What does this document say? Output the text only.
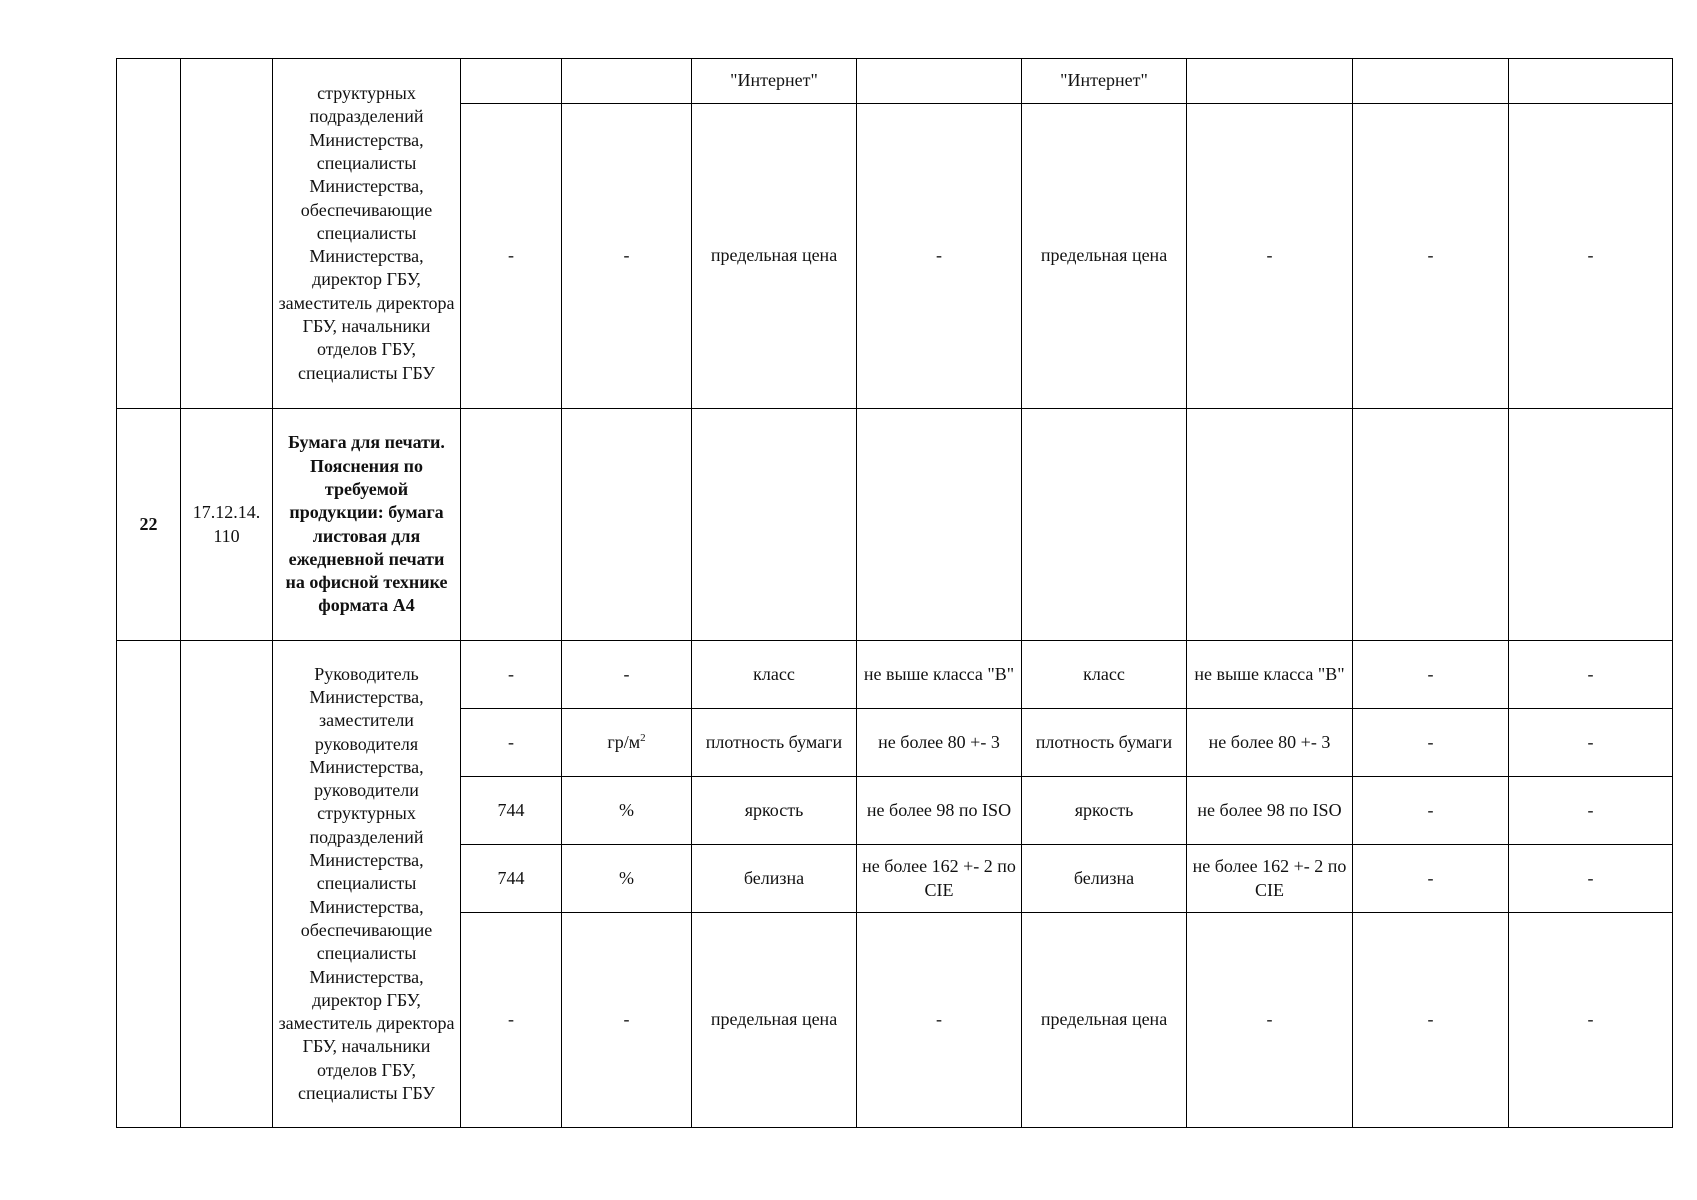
		структурных подразделений Министерства, специалисты Министерства, обеспечивающие специалисты Министерства, директор ГБУ, заместитель директора ГБУ, начальники отделов ГБУ, специалисты ГБУ			"Интернет"		"Интернет"			
			-	-	предельная цена	-	предельная цена	-	-	-
22	17.12.14. 110	Бумага для печати. Пояснения по требуемой продукции: бумага листовая для ежедневной печати на офисной технике формата А4								
		Руководитель Министерства, заместители руководителя Министерства, руководители структурных подразделений Министерства, специалисты Министерства, обеспечивающие специалисты Министерства, директор ГБУ, заместитель директора ГБУ, начальники отделов ГБУ, специалисты ГБУ	-	-	класс	не выше класса "В"	класс	не выше класса "В"	-	-
			-	$гр/м^2$	плотность бумаги	не более 80 +- 3	плотность бумаги	не более 80 +- 3	-	-
			744	%	яркость	не более 98 по ISO	яркость	не более 98 по ISO	-	-
			744	%	белизна	не более 162 +- 2 по CIE	белизна	не более 162 +- 2 по CIE	-	-
			-	-	предельная цена	-	предельная цена	-	-	-
